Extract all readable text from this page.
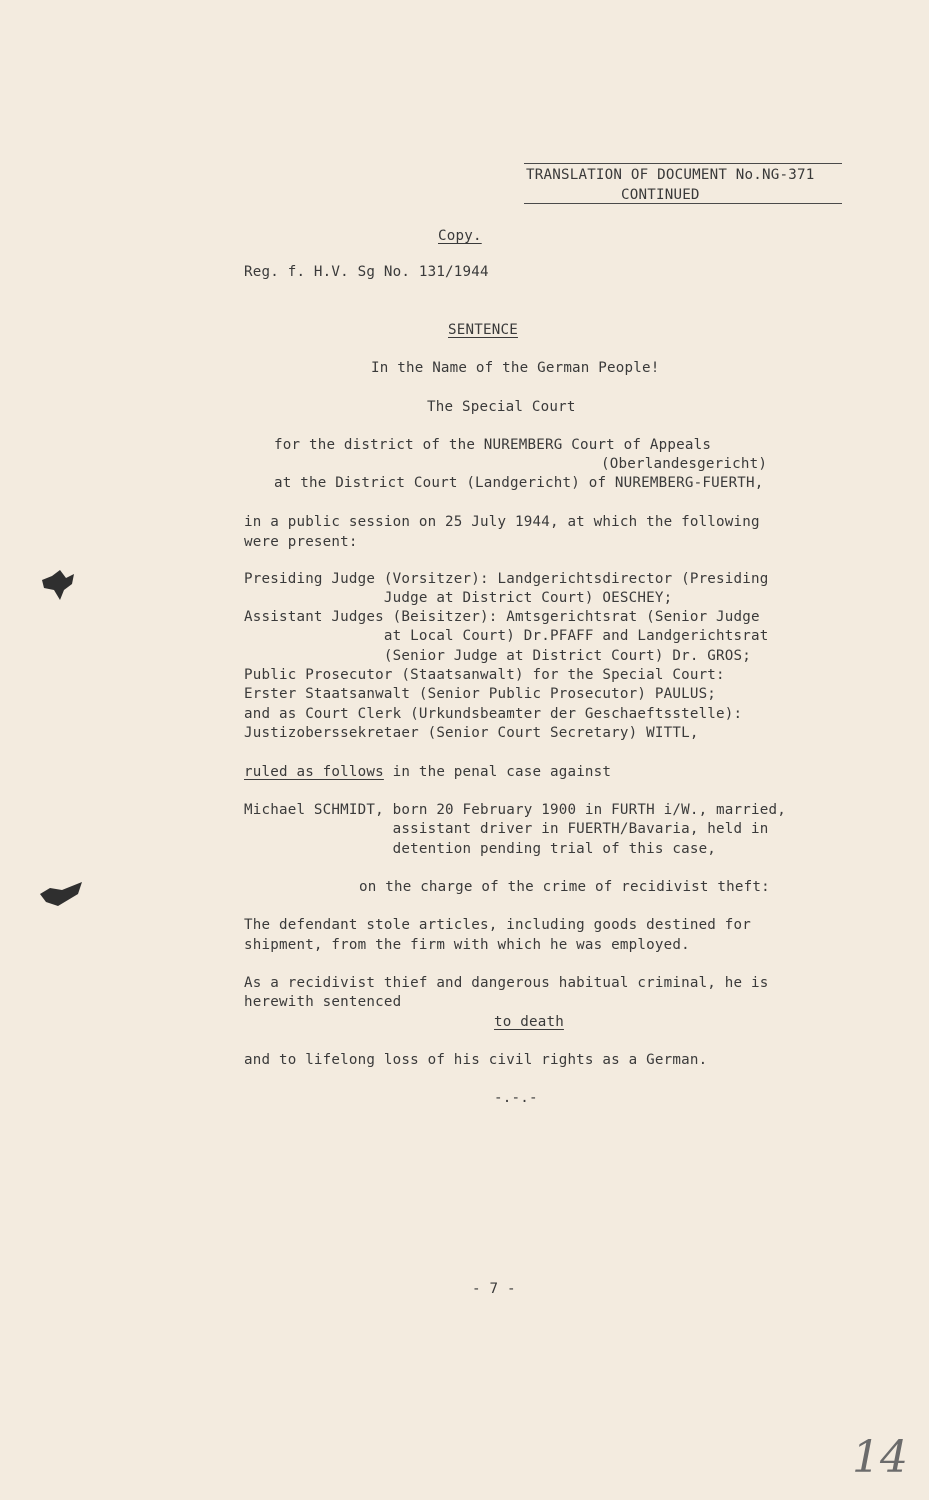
TRANSLATION OF DOCUMENT No.NG-371
CONTINUED
Copy.
Reg. f. H.V. Sg No. 131/1944
SENTENCE
In the Name of the German People!
The Special Court
for the district of the NUREMBERG Court of Appeals
(Oberlandesgericht)
at the District Court (Landgericht) of NUREMBERG-FUERTH,
in a public session on 25 July 1944, at which the following
were present:
Presiding Judge (Vorsitzer): Landgerichtsdirector (Presiding
Judge at District Court) OESCHEY;
Assistant Judges (Beisitzer): Amtsgerichtsrat (Senior Judge
at Local Court) Dr.PFAFF and Landgerichtsrat
(Senior Judge at District Court) Dr. GROS;
Public Prosecutor (Staatsanwalt) for the Special Court:
Erster Staatsanwalt (Senior Public Prosecutor) PAULUS;
and as Court Clerk (Urkundsbeamter der Geschaeftsstelle):
Justizoberssekretaer (Senior Court Secretary) WITTL,
ruled as follows in the penal case against
Michael SCHMIDT, born 20 February 1900 in FURTH i/W., married,
assistant driver in FUERTH/Bavaria, held in
detention pending trial of this case,
on the charge of the crime of recidivist theft:
The defendant stole articles, including goods destined for
shipment, from the firm with which he was employed.
As a recidivist thief and dangerous habitual criminal, he is
herewith sentenced
to death
and to lifelong loss of his civil rights as a German.
-.-.-
- 7 -
14
